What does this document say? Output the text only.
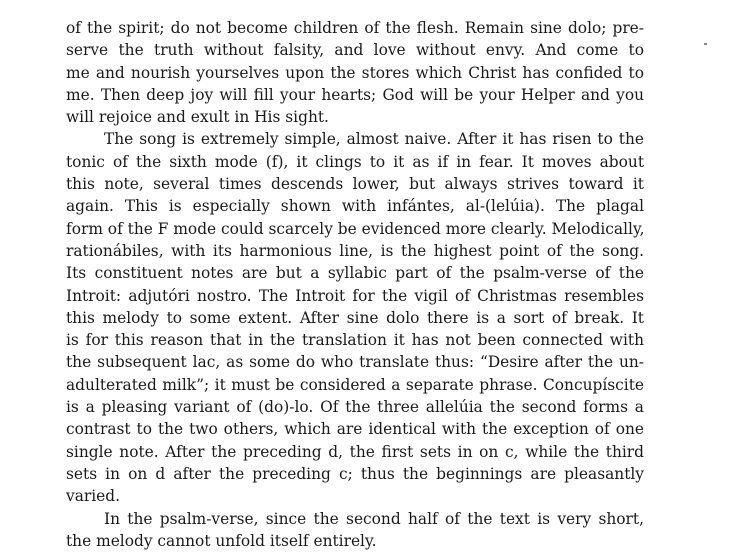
of the spirit; do not become children of the flesh. Remain sine dolo; pre-
serve the truth without falsity, and love without envy. And come to
me and nourish yourselves upon the stores which Christ has confided to
me. Then deep joy will fill your hearts; God will be your Helper and you
will rejoice and exult in His sight.

The song is extremely simple, almost naive. After it has risen to the
tonic of the sixth mode (f), it clings to it as if in fear. It moves about
this note, several times descends lower, but always strives toward it
again. This is especially shown with infántes, al-(lelúia). The plagal
form of the F mode could scarcely be evidenced more clearly. Melodically,
rationábiles, with its harmonious line, is the highest point of the song.
Its constituent notes are but a syllabic part of the psalm-verse of the
Introit: adjutóri nostro. The Introit for the vigil of Christmas resembles
this melody to some extent. After sine dolo there is a sort of break. It
is for this reason that in the translation it has not been connected with
the subsequent lac, as some do who translate thus: “Desire after the un-
adulterated milk”; it must be considered a separate phrase. Concupíscite
is a pleasing variant of (do)-lo. Of the three allelúia the second forms a
contrast to the two others, which are identical with the exception of one
single note. After the preceding d, the first sets in on c, while the third
sets in on d after the preceding c; thus the beginnings are pleasantly
varied.

In the psalm-verse, since the second half of the text is very short,
the melody cannot unfold itself entirely.
